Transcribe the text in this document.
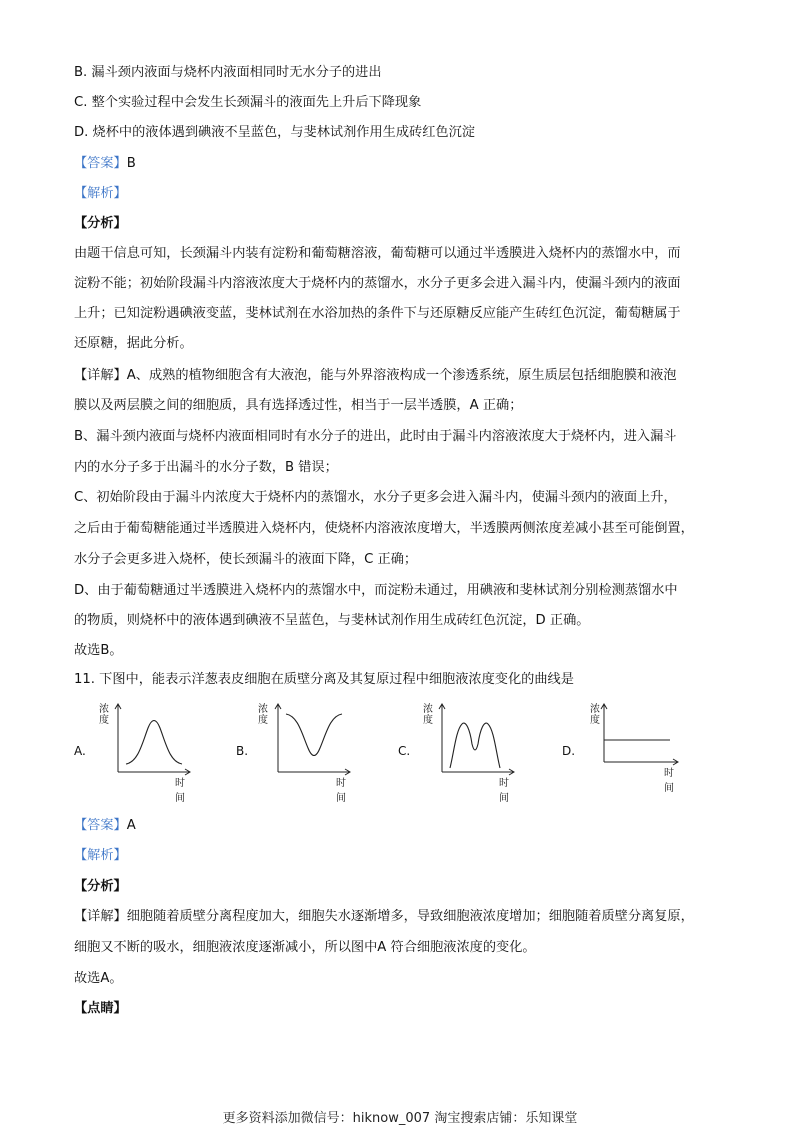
B. 漏斗颈内液面与烧杯内液面相同时无水分子的进出
C. 整个实验过程中会发生长颈漏斗的液面先上升后下降现象
D. 烧杯中的液体遇到碘液不呈蓝色，与斐林试剂作用生成砖红色沉淀
【答案】B
【解析】
【分析】
由题干信息可知，长颈漏斗内装有淀粉和葡萄糖溶液，葡萄糖可以通过半透膜进入烧杯内的蒸馏水中，而
淀粉不能；初始阶段漏斗内溶液浓度大于烧杯内的蒸馏水，水分子更多会进入漏斗内，使漏斗颈内的液面
上升；已知淀粉遇碘液变蓝，斐林试剂在水浴加热的条件下与还原糖反应能产生砖红色沉淀，葡萄糖属于
还原糖，据此分析。
【详解】A、成熟的植物细胞含有大液泡，能与外界溶液构成一个渗透系统，原生质层包括细胞膜和液泡
膜以及两层膜之间的细胞质，具有选择透过性，相当于一层半透膜，A 正确；
B、漏斗颈内液面与烧杯内液面相同时有水分子的进出，此时由于漏斗内溶液浓度大于烧杯内，进入漏斗
内的水分子多于出漏斗的水分子数，B 错误；
C、初始阶段由于漏斗内浓度大于烧杯内的蒸馏水，水分子更多会进入漏斗内，使漏斗颈内的液面上升，
之后由于葡萄糖能通过半透膜进入烧杯内，使烧杯内溶液浓度增大，半透膜两侧浓度差减小甚至可能倒置，
水分子会更多进入烧杯，使长颈漏斗的液面下降，C 正确；
D、由于葡萄糖通过半透膜进入烧杯内的蒸馏水中，而淀粉未通过，用碘液和斐林试剂分别检测蒸馏水中
的物质，则烧杯中的液体遇到碘液不呈蓝色，与斐林试剂作用生成砖红色沉淀，D 正确。
故选B。
11. 下图中，能表示洋葱表皮细胞在质壁分离及其复原过程中细胞液浓度变化的曲线是
A.
浓
度
时间
B.
浓
度
时间
C.
浓
度
时间
D.
浓
度
时间
【答案】A
【解析】
【分析】
【详解】细胞随着质壁分离程度加大，细胞失水逐渐增多，导致细胞液浓度增加；细胞随着质壁分离复原，
细胞又不断的吸水，细胞液浓度逐渐减小，所以图中A 符合细胞液浓度的变化。
故选A。
【点睛】
更多资料添加微信号：hiknow_007 淘宝搜索店铺：乐知课堂
